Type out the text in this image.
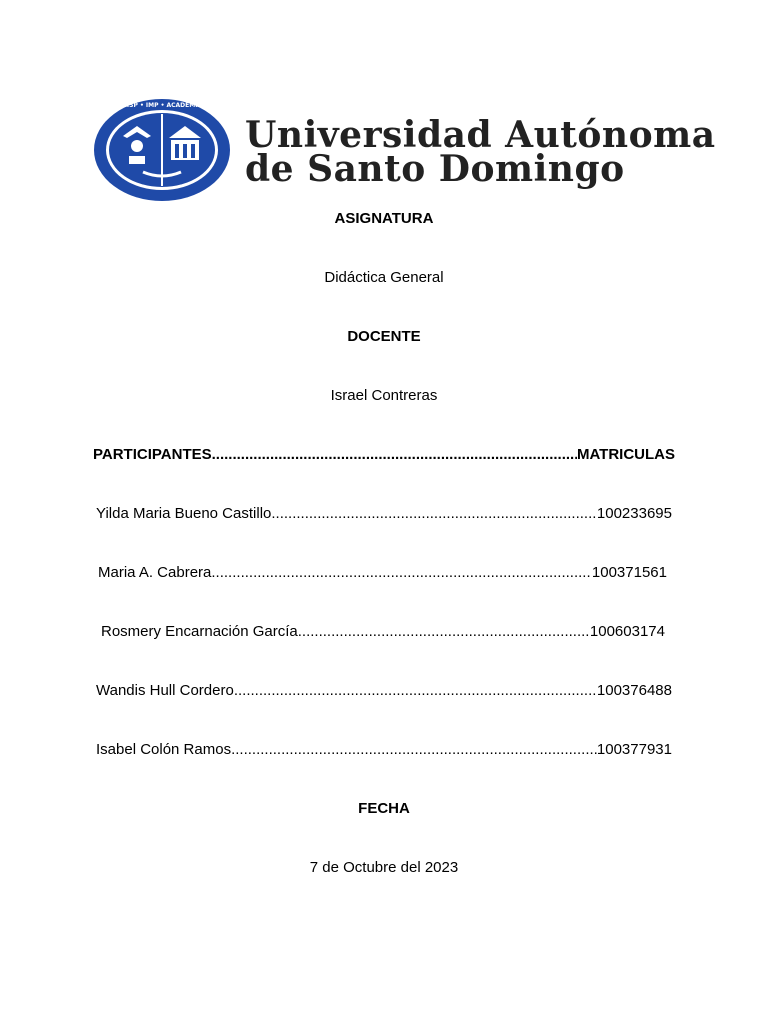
HISP • IMP • ACADEMIA
Universidad Autónoma
de Santo Domingo
ASIGNATURA
Didáctica General
DOCENTE
Israel Contreras
PARTICIPANTES .....	MATRICULAS
Yilda Maria Bueno Castillo .....	100233695
Maria A. Cabrera .....	100371561
Rosmery Encarnación García .....	100603174
Wandis Hull Cordero .....	100376488
Isabel Colón Ramos .....	100377931
FECHA
7 de Octubre del 2023
